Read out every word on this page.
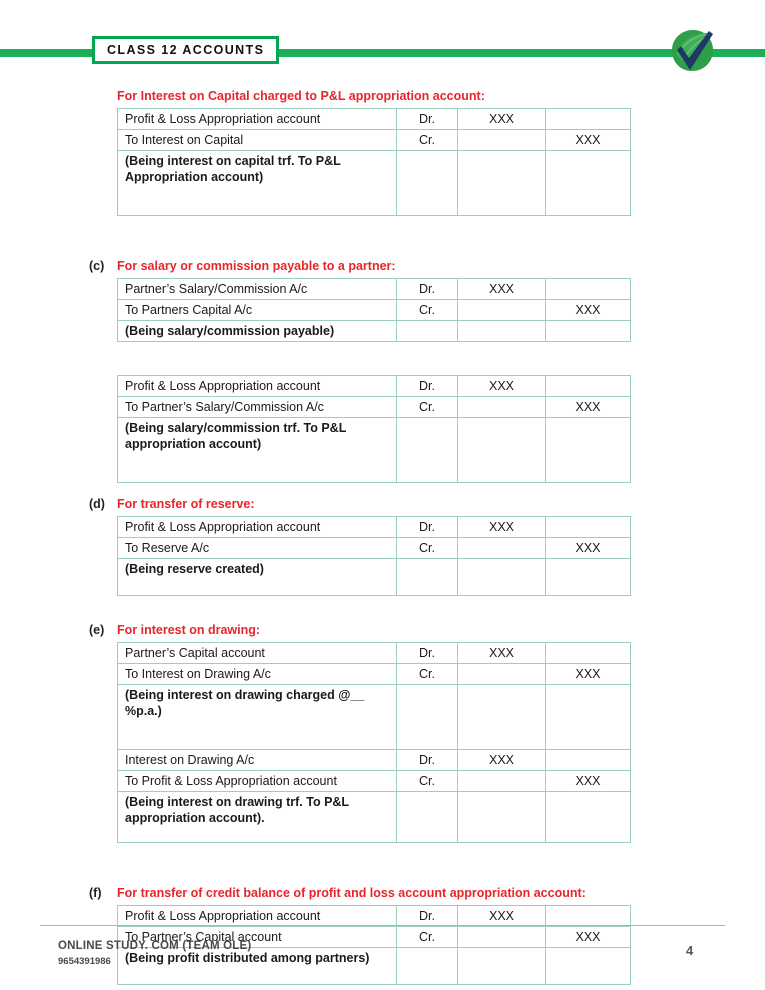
CLASS 12 ACCOUNTS
For Interest on Capital charged to P&L appropriation account:
Profit & Loss Appropriation account	Dr.	XXX	
To Interest on Capital	Cr.		XXX
(Being interest on capital trf. To P&L Appropriation account)			
(c)	For salary or commission payable to a partner:
Partner’s Salary/Commission A/c	Dr.	XXX	
To Partners Capital A/c	Cr.		XXX
(Being salary/commission payable)			
Profit & Loss Appropriation account	Dr.	XXX	
To Partner’s Salary/Commission A/c	Cr.		XXX
(Being salary/commission trf. To P&L appropriation account)			
(d) For transfer of reserve:
Profit & Loss Appropriation account	Dr.	XXX	
To Reserve A/c	Cr.		XXX
(Being reserve created)			
(e)	For interest on drawing:
Partner’s Capital account	Dr.	XXX	
To Interest on Drawing A/c	Cr.		XXX
(Being interest on drawing charged @__ %p.a.)			
Interest on Drawing A/c	Dr.	XXX	
To Profit & Loss Appropriation account	Cr.		XXX
(Being interest on drawing trf. To P&L appropriation account).			
(f)	For transfer of credit balance of profit and loss account appropriation account:
Profit & Loss Appropriation account	Dr.	XXX	
To Partner’s Capital account	Cr.		XXX
(Being profit distributed among partners)			
ONLINE STUDY. COM (TEAM OLE)
9654391986
4
